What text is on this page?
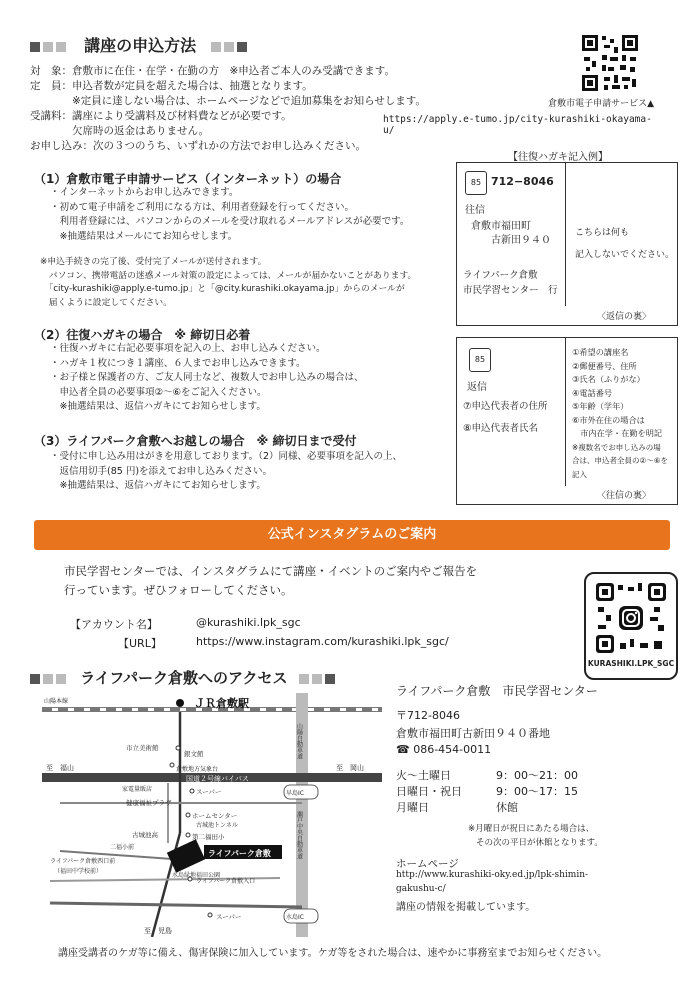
講座の申込方法
倉敷市電子申請サービス▲
https://apply.e-tumo.jp/city-kurashiki-okayama-u/
対　象：倉敷市に在住・在学・在勤の方　※申込者ご本人のみ受講できます。
定　員：申込者数が定員を超えた場合は、抽選となります。
　　　　※定員に達しない場合は、ホームページなどで追加募集をお知らせします。
受講料：講座により受講料及び材料費などが必要です。
　　　　欠席時の返金はありません。
お申し込み：次の３つのうち、いずれかの方法でお申し込みください。
（1）倉敷市電子申請サービス（インターネット）の場合
・インターネットからお申し込みできます。
・初めて電子申請をご利用になる方は、利用者登録を行ってください。
　利用者登録には、パソコンからのメールを受け取れるメールアドレスが必要です。
　※抽選結果はメールにてお知らせします。
※申込手続きの完了後、受付完了メールが送付されます。
　パソコン、携帯電話の迷惑メール対策の設定によっては、メールが届かないことがあります。
　「city-kurashiki@apply.e-tumo.jp」と「@city.kurashiki.okayama.jp」からのメールが
　届くように設定してください。
（2）往復ハガキの場合　※ 締切日必着
・往復ハガキに右記必要事項を記入の上、お申し込みください。
・ハガキ１枚につき１講座、６人までお申し込みできます。
・お子様と保護者の方、ご友人同士など、複数人でお申し込みの場合は、
　申込者全員の必要事項②～⑥をご記入ください。
　※抽選結果は、返信ハガキにてお知らせします。
（3）ライフパーク倉敷へお越しの場合　※ 締切日まで受付
・受付に申し込み用はがきを用意しております。（2）同様、必要事項を記入の上、
　返信用切手(85 円)を添えてお申し込みください。
　※抽選結果は、返信ハガキにてお知らせします。
【往復ハガキ記入例】
85 712−8046
往信
倉敷市福田町
古新田９４０
ライフパーク倉敷
市民学習センター　行
こちらは何も
記入しないでください。
〈返信の裏〉
85
返信
⑦申込代表者の住所
⑧申込代表者氏名
①希望の講座名
②郵便番号、住所
③氏名（ふりがな）
④電話番号
⑤年齢（学年）
⑥市外在住の場合は
　市内在学・在勤を明記
※複数名でお申し込みの場
合は、申込者全員の②～⑥を
記入
〈往信の裏〉
公式インスタグラムのご案内
市民学習センターでは、インスタグラムにて講座・イベントのご案内やご報告を
行っています。ぜひフォローしてください。
【アカウント名】	@kurashiki.lpk_sgc
【URL】	https://www.instagram.com/kurashiki.lpk_sgc/
KURASHIKI.LPK_SGC
ライフパーク倉敷へのアクセス
ＪＲ倉敷駅
山陽本線
国道２号線バイパス
至　福山	至　岡山
至　児島
市立美術館
銀文館
倉敷地方気象台
スーパー
家電量販店
健康福祉プラザ
ホームセンター
古城池トンネル
第二福田小
古城池高
二福小前
水島緑地福田公園
ライフパーク倉敷
ライフパーク倉敷入口
ライフパーク倉敷西口前
（福田中学校前）
スーパー
早島IC
水島IC
山陽自動車道
瀬戸中央自動車道
ライフパーク倉敷　市民学習センター
〒712-8046
倉敷市福田町古新田９４０番地
☎ 086-454-0011
火～土曜日	9：00～21：00
日曜日・祝日	9：00～17：15
月曜日	休館
※月曜日が祝日にあたる場合は、
その次の平日が休館となります。
ホームページ
http://www.kurashiki-oky.ed.jp/lpk-shimin-
gakushu-c/
講座の情報を掲載しています。
講座受講者のケガ等に備え、傷害保険に加入しています。ケガ等をされた場合は、速やかに事務室までお知らせください。
